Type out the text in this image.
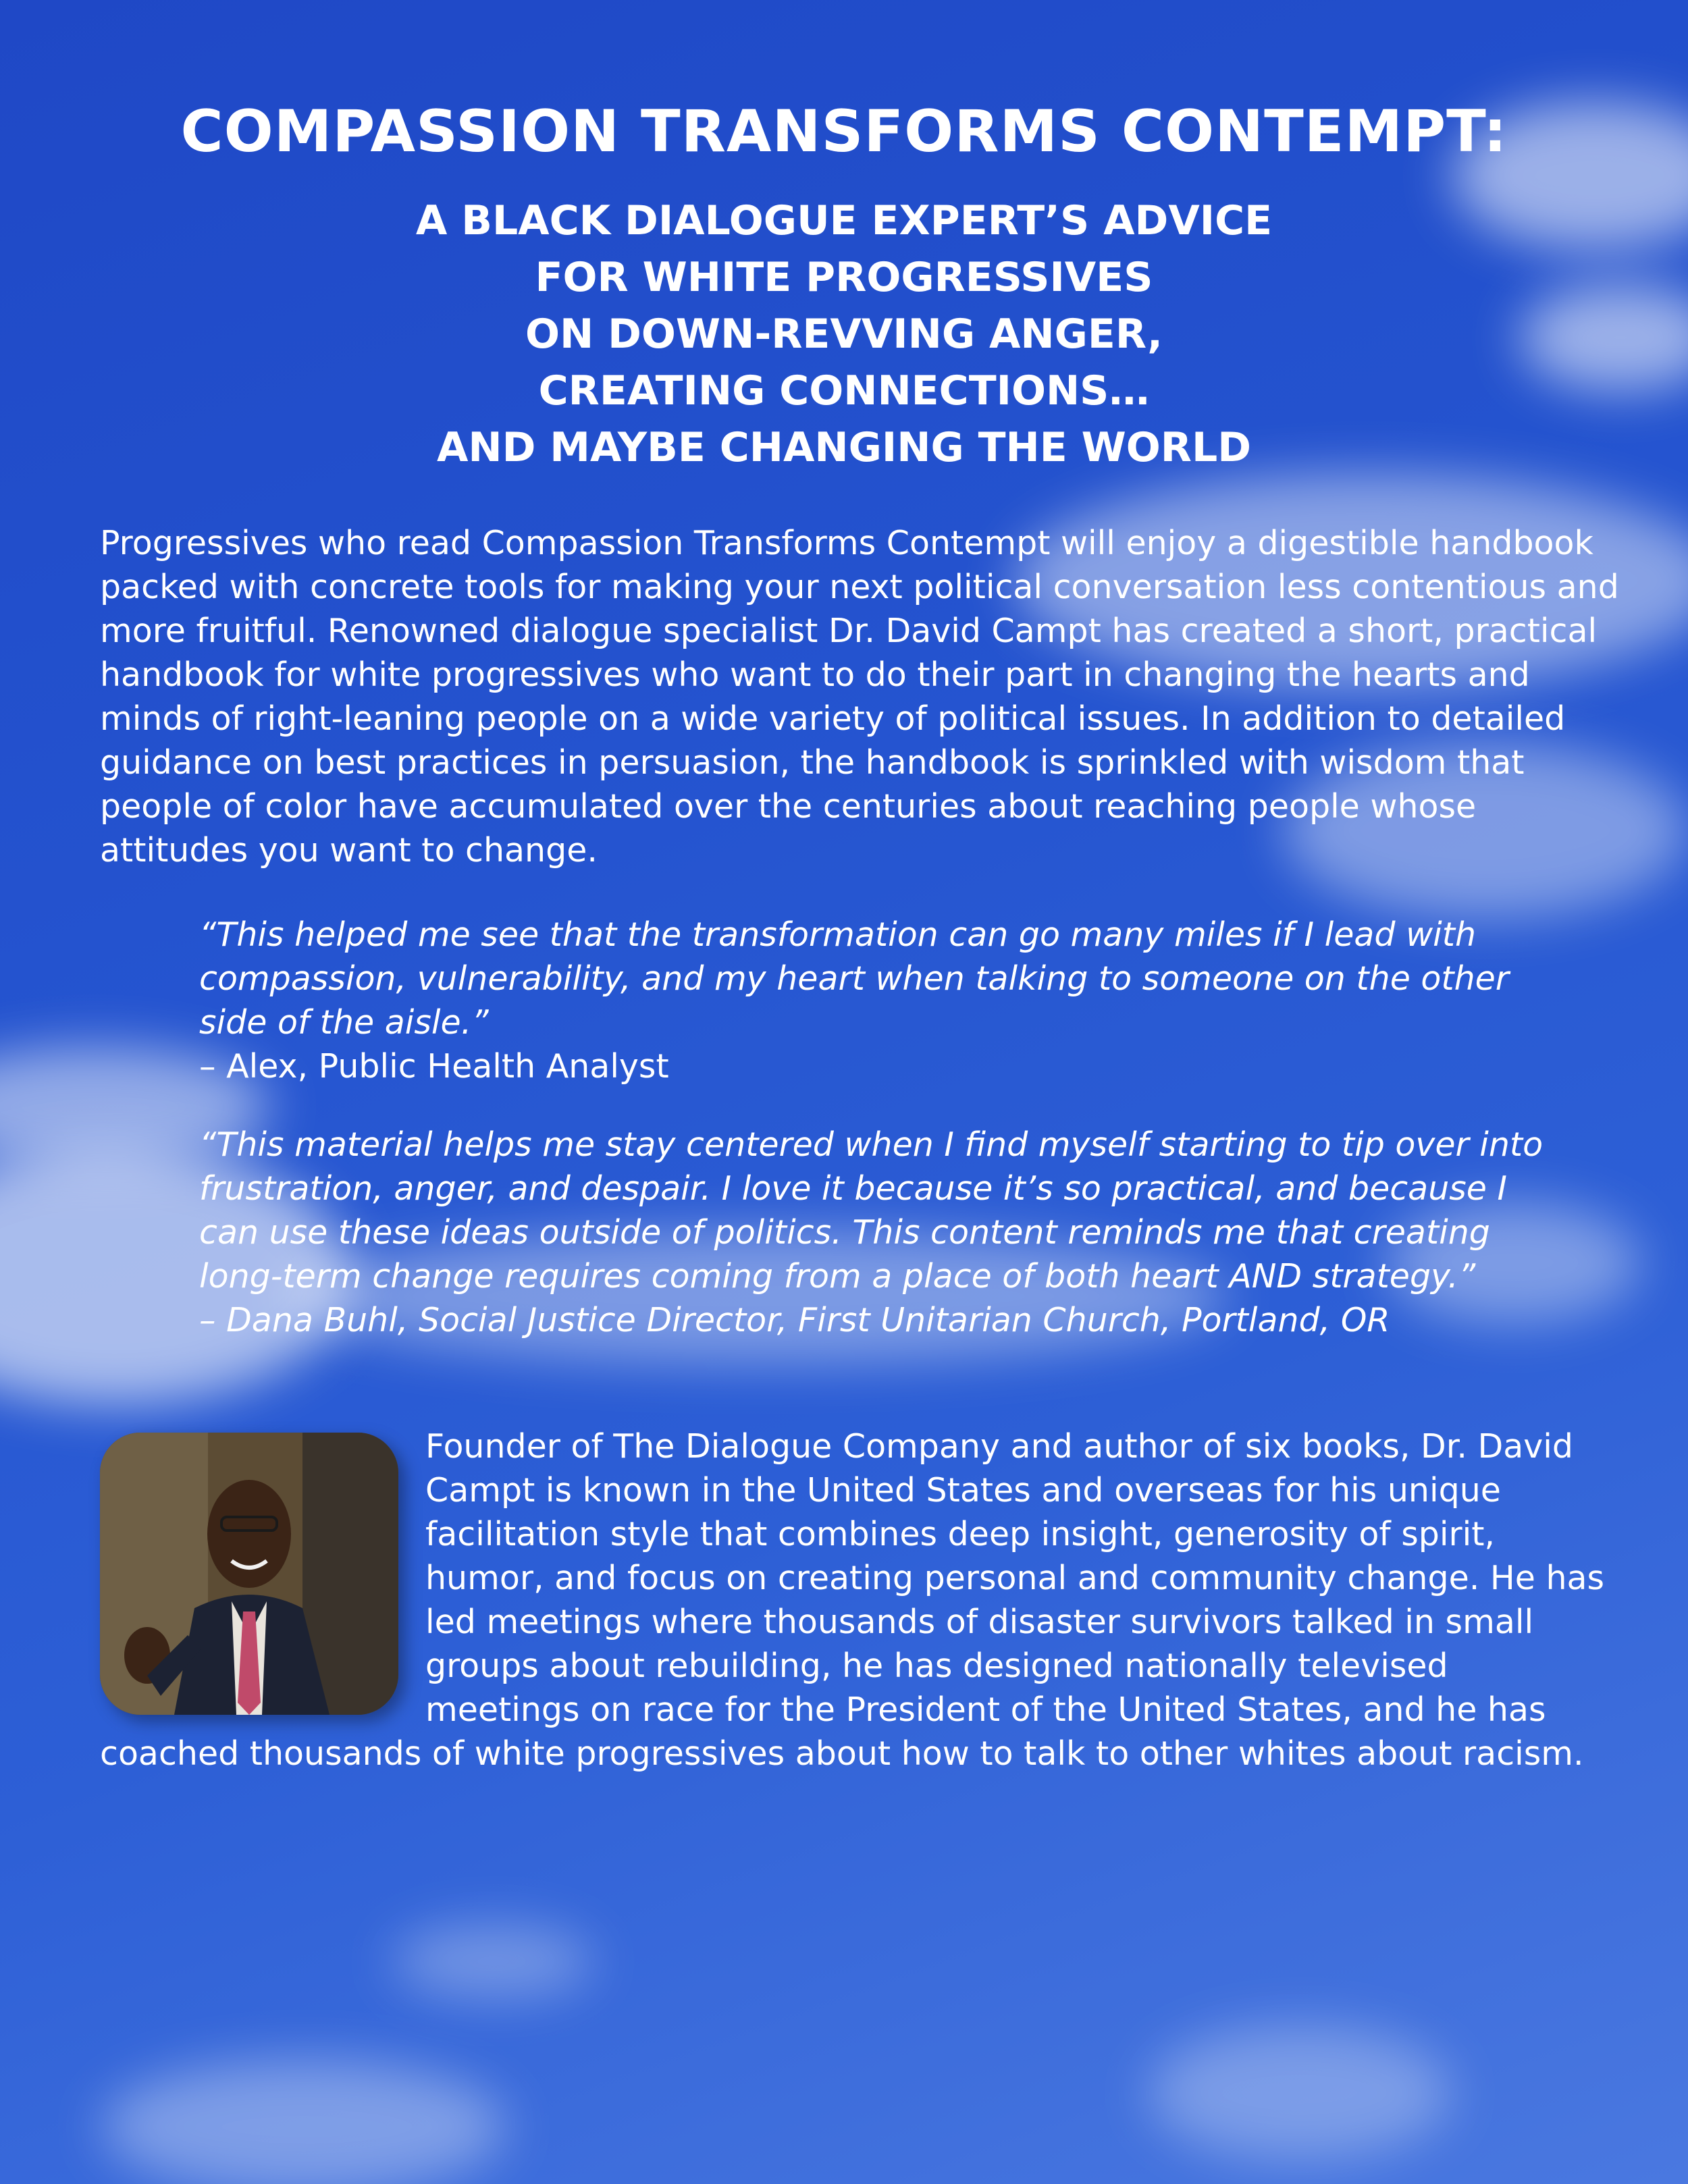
COMPASSION TRANSFORMS CONTEMPT:
A BLACK DIALOGUE EXPERT’S ADVICE
FOR WHITE PROGRESSIVES
ON DOWN-REVVING ANGER,
CREATING CONNECTIONS…
AND MAYBE CHANGING THE WORLD

Progressives who read Compassion Transforms Contempt will enjoy a digestible handbook packed with concrete tools for making your next political conversation less contentious and more fruitful. Renowned dialogue specialist Dr. David Campt has created a short, practical handbook for white progressives who want to do their part in changing the hearts and minds of right-leaning people on a wide variety of political issues. In addition to detailed guidance on best practices in persuasion, the handbook is sprinkled with wisdom that people of color have accumulated over the centuries about reaching people whose attitudes you want to change.

“This helped me see that the transformation can go many miles if I lead with compassion, vulnerability, and my heart when talking to someone on the other side of the aisle.”
– Alex, Public Health Analyst
“This material helps me stay centered when I find myself starting to tip over into frustration, anger, and despair. I love it because it’s so practical, and because I can use these ideas outside of politics. This content reminds me that creating long-term change requires coming from a place of both heart AND strategy.”
– Dana Buhl, Social Justice Director, First Unitarian Church, Portland, OR
Founder of The Dialogue Company and author of six books, Dr. David Campt is known in the United States and overseas for his unique facilitation style that combines deep insight, generosity of spirit, humor, and focus on creating personal and community change. He has led meetings where thousands of disaster survivors talked in small groups about rebuilding, he has designed nationally televised meetings on race for the President of the United States, and he has coached thousands of white progressives about how to talk to other whites about racism.
